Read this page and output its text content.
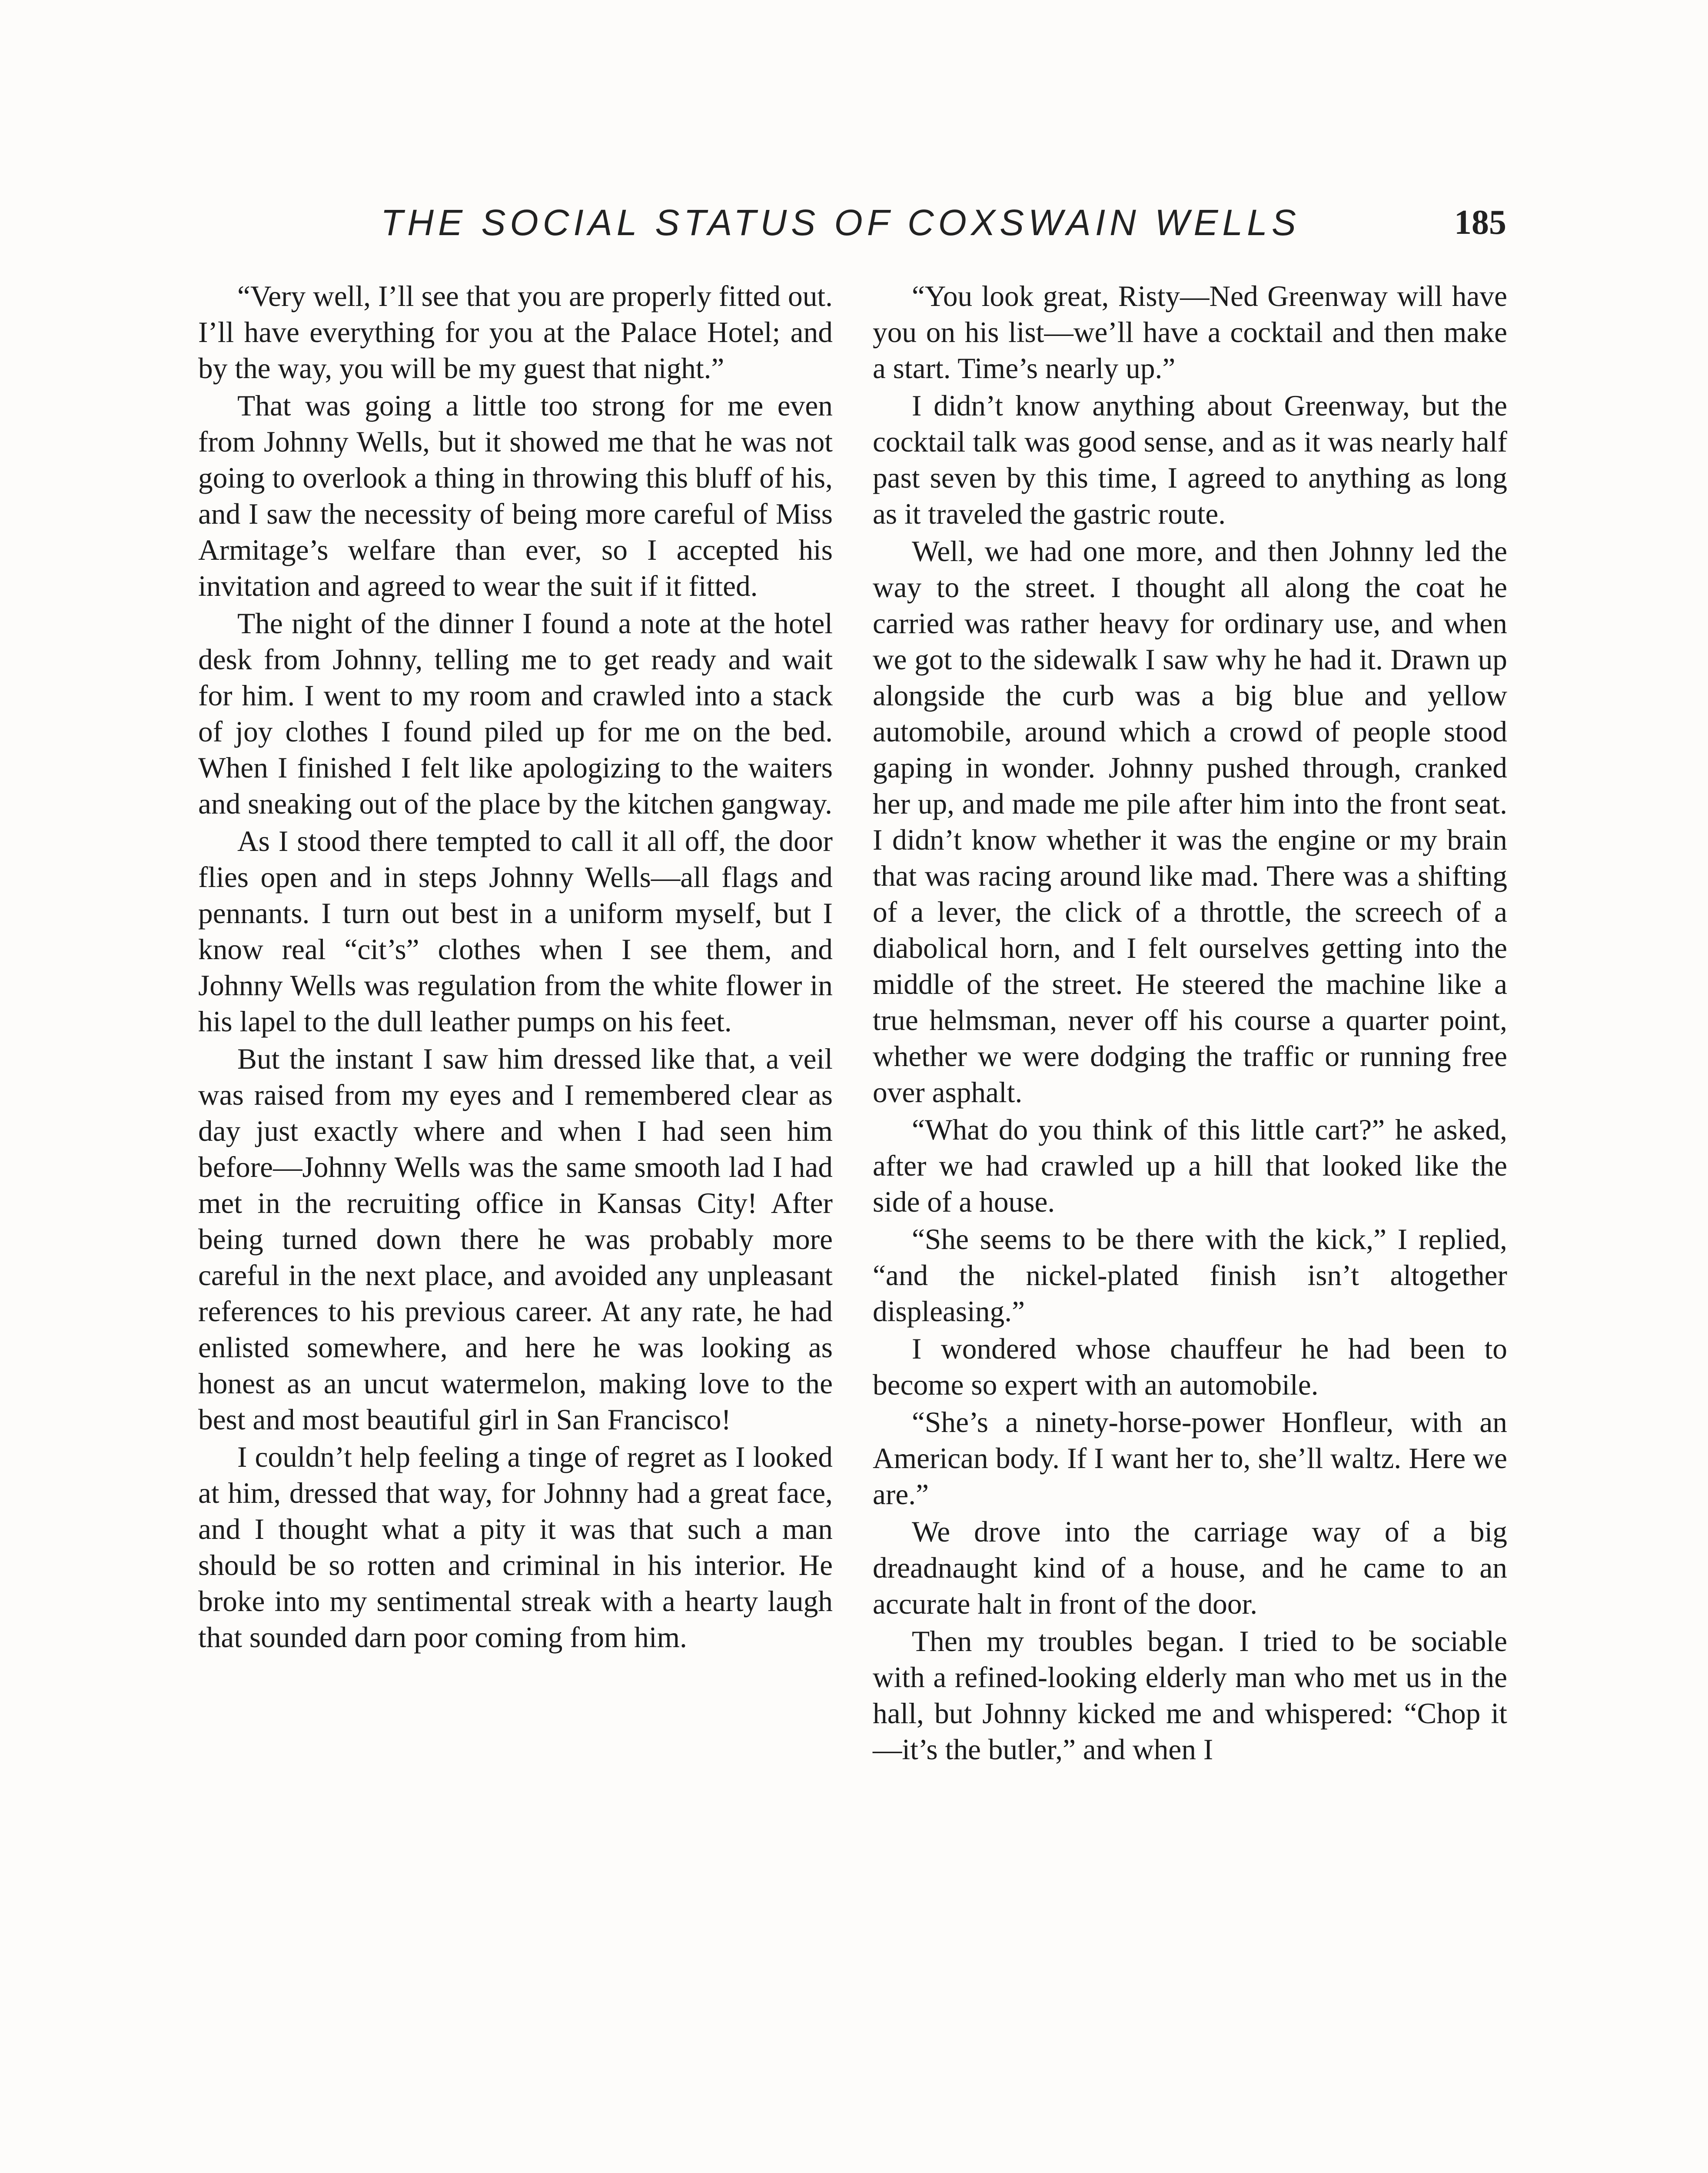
THE SOCIAL STATUS OF COXSWAIN WELLS	185

“Very well, I’ll see that you are properly fitted out. I’ll have everything for you at the Palace Hotel; and by the way, you will be my guest that night.”

That was going a little too strong for me even from Johnny Wells, but it showed me that he was not going to overlook a thing in throwing this bluff of his, and I saw the necessity of being more careful of Miss Armitage’s welfare than ever, so I accepted his invitation and agreed to wear the suit if it fitted.

The night of the dinner I found a note at the hotel desk from Johnny, telling me to get ready and wait for him. I went to my room and crawled into a stack of joy clothes I found piled up for me on the bed. When I finished I felt like apologizing to the waiters and sneaking out of the place by the kitchen gangway.

As I stood there tempted to call it all off, the door flies open and in steps Johnny Wells—all flags and pennants. I turn out best in a uniform myself, but I know real “cit’s” clothes when I see them, and Johnny Wells was regulation from the white flower in his lapel to the dull leather pumps on his feet.

But the instant I saw him dressed like that, a veil was raised from my eyes and I remembered clear as day just exactly where and when I had seen him before—Johnny Wells was the same smooth lad I had met in the recruiting office in Kansas City! After being turned down there he was probably more careful in the next place, and avoided any unpleasant references to his previous career. At any rate, he had enlisted somewhere, and here he was looking as honest as an uncut watermelon, making love to the best and most beautiful girl in San Francisco!

I couldn’t help feeling a tinge of regret as I looked at him, dressed that way, for Johnny had a great face, and I thought what a pity it was that such a man should be so rotten and criminal in his interior. He broke into my sentimental streak with a hearty laugh that sounded darn poor coming from him.

“You look great, Risty—Ned Greenway will have you on his list—we’ll have a cocktail and then make a start. Time’s nearly up.”

I didn’t know anything about Greenway, but the cocktail talk was good sense, and as it was nearly half past seven by this time, I agreed to anything as long as it traveled the gastric route.

Well, we had one more, and then Johnny led the way to the street. I thought all along the coat he carried was rather heavy for ordinary use, and when we got to the sidewalk I saw why he had it. Drawn up alongside the curb was a big blue and yellow automobile, around which a crowd of people stood gaping in wonder. Johnny pushed through, cranked her up, and made me pile after him into the front seat. I didn’t know whether it was the engine or my brain that was racing around like mad. There was a shifting of a lever, the click of a throttle, the screech of a diabolical horn, and I felt ourselves getting into the middle of the street. He steered the machine like a true helmsman, never off his course a quarter point, whether we were dodging the traffic or running free over asphalt.

“What do you think of this little cart?” he asked, after we had crawled up a hill that looked like the side of a house.

“She seems to be there with the kick,” I replied, “and the nickel-plated finish isn’t altogether displeasing.”

I wondered whose chauffeur he had been to become so expert with an automobile.

“She’s a ninety-horse-power Honfleur, with an American body. If I want her to, she’ll waltz. Here we are.”

We drove into the carriage way of a big dreadnaught kind of a house, and he came to an accurate halt in front of the door.

Then my troubles began. I tried to be sociable with a refined-looking elderly man who met us in the hall, but Johnny kicked me and whispered: “Chop it—it’s the butler,” and when I
